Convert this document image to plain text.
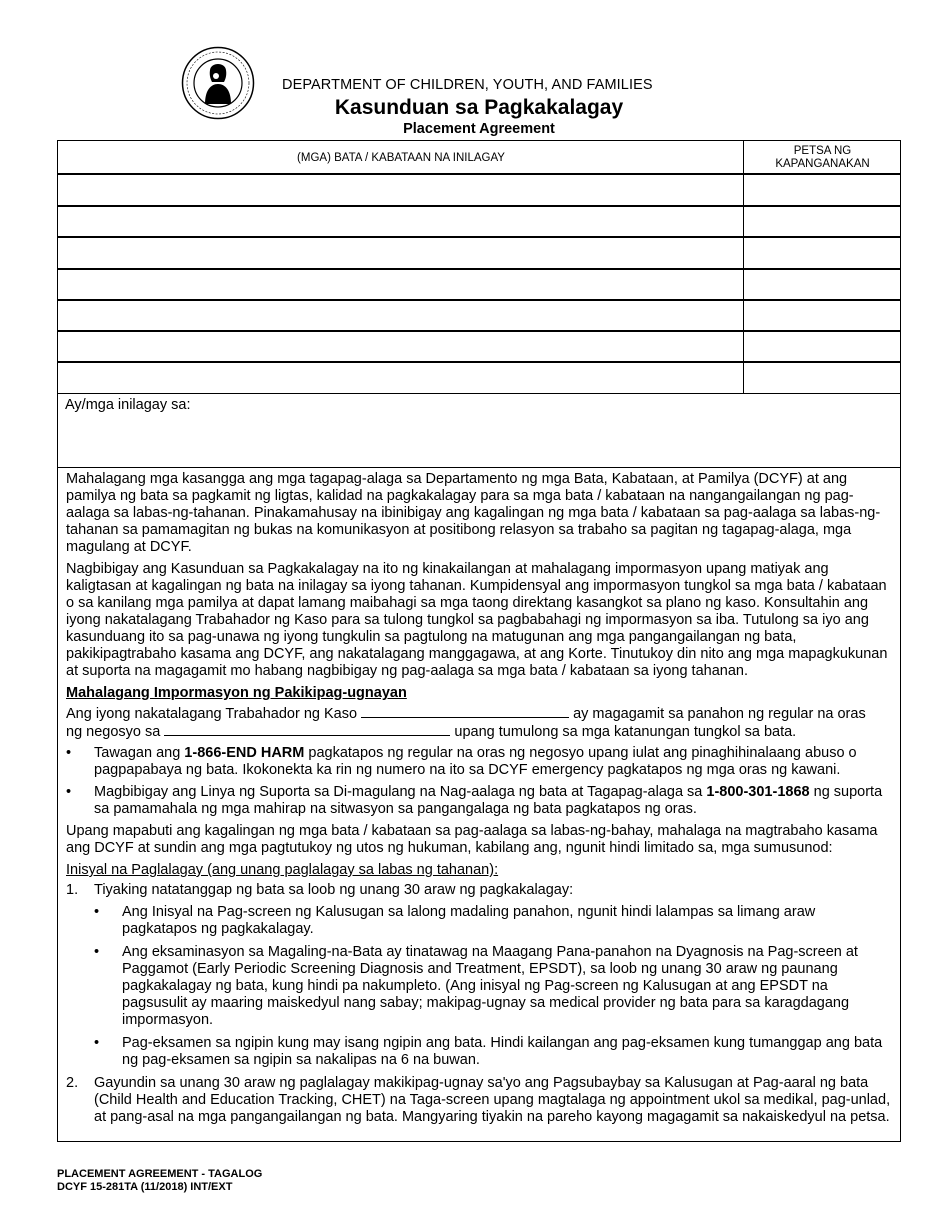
DEPARTMENT OF CHILDREN, YOUTH, AND FAMILIES
Kasunduan sa Pagkakalagay
Placement Agreement
(MGA) BATA / KABATAAN NA INILAGAY
PETSA NG
KAPANGANAKAN
Ay/mga inilagay sa:

Mahalagang mga kasangga ang mga tagapag-alaga sa Departamento ng mga Bata, Kabataan, at Pamilya (DCYF) at ang pamilya ng bata sa pagkamit ng ligtas, kalidad na pagkakalagay para sa mga bata / kabataan na nangangailangan ng pag-aalaga sa labas-ng-tahanan. Pinakamahusay na ibinibigay ang kagalingan ng mga bata / kabataan sa pag-aalaga sa labas-ng-tahanan sa pamamagitan ng bukas na komunikasyon at positibong relasyon sa trabaho sa pagitan ng tagapag-alaga, mga magulang at DCYF.

Nagbibigay ang Kasunduan sa Pagkakalagay na ito ng kinakailangan at mahalagang impormasyon upang matiyak ang kaligtasan at kagalingan ng bata na inilagay sa iyong tahanan. Kumpidensyal ang impormasyon tungkol sa mga bata / kabataan o sa kanilang mga pamilya at dapat lamang maibahagi sa mga taong direktang kasangkot sa plano ng kaso. Konsultahin ang iyong nakatalagang Trabahador ng Kaso para sa tulong tungkol sa pagbabahagi ng impormasyon sa iba. Tutulong sa iyo ang kasunduang ito sa pag-unawa ng iyong tungkulin sa pagtulong na matugunan ang mga pangangailangan ng bata, pakikipagtrabaho kasama ang DCYF, ang nakatalagang manggagawa, at ang Korte. Tinutukoy din nito ang mga mapagkukunan at suporta na magagamit mo habang nagbibigay ng pag-aalaga sa mga bata / kabataan sa iyong tahanan.

Mahalagang Impormasyon ng Pakikipag-ugnayan
Ang iyong nakatalagang Trabahador ng Kaso	ay magagamit sa panahon ng regular na oras
ng negosyo sa	upang tumulong sa mga katanungan tungkol sa bata.
• Tawagan ang 1-866-END HARM pagkatapos ng regular na oras ng negosyo upang iulat ang pinaghihinalaang abuso o pagpapabaya ng bata. Ikokonekta ka rin ng numero na ito sa DCYF emergency pagkatapos ng mga oras ng kawani.
• Magbibigay ang Linya ng Suporta sa Di-magulang na Nag-aalaga ng bata at Tagapag-alaga sa 1-800-301-1868 ng suporta sa pamamahala ng mga mahirap na sitwasyon sa pangangalaga ng bata pagkatapos ng oras.

Upang mapabuti ang kagalingan ng mga bata / kabataan sa pag-aalaga sa labas-ng-bahay, mahalaga na magtrabaho kasama ang DCYF at sundin ang mga pagtutukoy ng utos ng hukuman, kabilang ang, ngunit hindi limitado sa, mga sumusunod:

Inisyal na Paglalagay (ang unang paglalagay sa labas ng tahanan):
1. Tiyaking natatanggap ng bata sa loob ng unang 30 araw ng pagkakalagay:
• Ang Inisyal na Pag-screen ng Kalusugan sa lalong madaling panahon, ngunit hindi lalampas sa limang araw pagkatapos ng pagkakalagay.
• Ang eksaminasyon sa Magaling-na-Bata ay tinatawag na Maagang Pana-panahon na Dyagnosis na Pag-screen at Paggamot (Early Periodic Screening Diagnosis and Treatment, EPSDT), sa loob ng unang 30 araw ng paunang pagkakalagay ng bata, kung hindi pa nakumpleto. (Ang inisyal ng Pag-screen ng Kalusugan at ang EPSDT na pagsusulit ay maaring maiskedyul nang sabay; makipag-ugnay sa medical provider ng bata para sa karagdagang impormasyon.
• Pag-eksamen sa ngipin kung may isang ngipin ang bata. Hindi kailangan ang pag-eksamen kung tumanggap ang bata ng pag-eksamen sa ngipin sa nakalipas na 6 na buwan.
2. Gayundin sa unang 30 araw ng paglalagay makikipag-ugnay sa'yo ang Pagsubaybay sa Kalusugan at Pag-aaral ng bata (Child Health and Education Tracking, CHET) na Taga-screen upang magtalaga ng appointment ukol sa medikal, pag-unlad, at pang-asal na mga pangangailangan ng bata. Mangyaring tiyakin na pareho kayong magagamit sa nakaiskedyul na petsa.
PLACEMENT AGREEMENT - TAGALOG
DCYF 15-281TA (11/2018) INT/EXT
